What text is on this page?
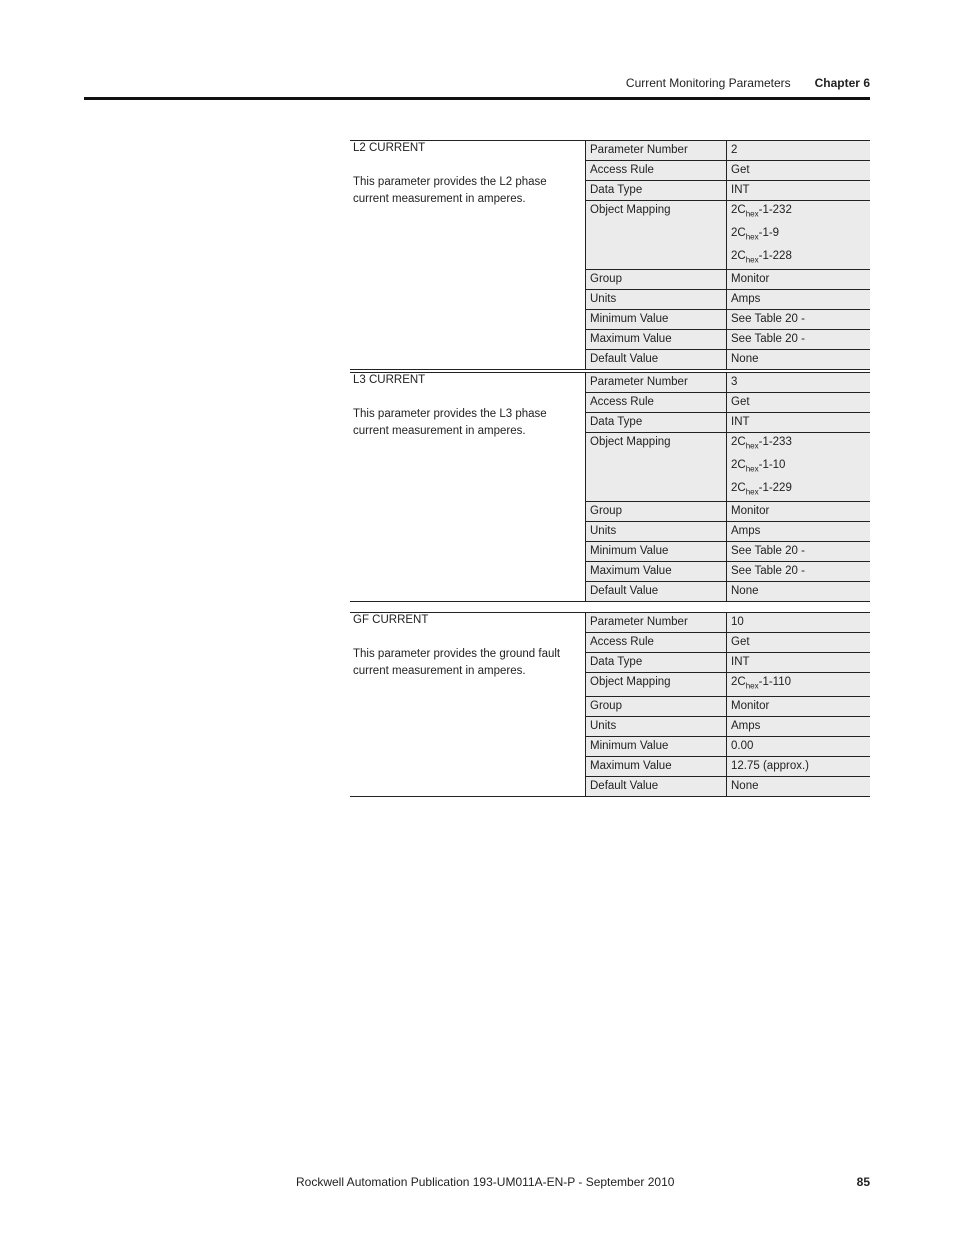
Current Monitoring Parameters Chapter 6
L2 CURRENT
This parameter provides the L2 phase current measurement in amperes.
Parameter Number	2
Access Rule	Get
Data Type	INT
Object Mapping	$2C_{hex}-1-232$
$2C_{hex}-1-9$
$2C_{hex}-1-228$
Group	Monitor
Units	Amps
Minimum Value	See Table 20 -
Maximum Value	See Table 20 -
Default Value	None
L3 CURRENT
This parameter provides the L3 phase current measurement in amperes.
Parameter Number	3
Access Rule	Get
Data Type	INT
Object Mapping	$2C_{hex}-1-233$
$2C_{hex}-1-10$
$2C_{hex}-1-229$
Group	Monitor
Units	Amps
Minimum Value	See Table 20 -
Maximum Value	See Table 20 -
Default Value	None
GF CURRENT
This parameter provides the ground fault current measurement in amperes.
Parameter Number	10
Access Rule	Get
Data Type	INT
Object Mapping	$2C_{hex}-1-110$
Group	Monitor
Units	Amps
Minimum Value	0.00
Maximum Value	12.75 (approx.)
Default Value	None
Rockwell Automation Publication 193-UM011A-EN-P - September 2010	85
